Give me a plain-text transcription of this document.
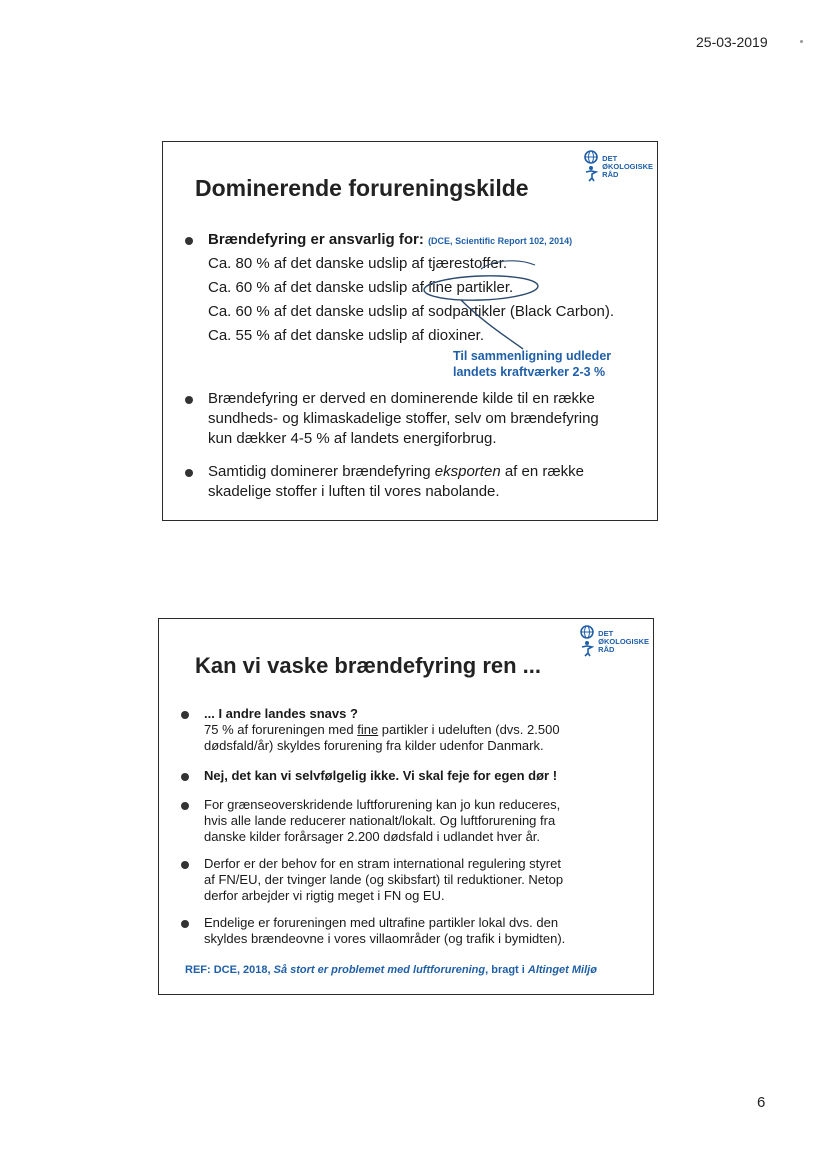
25-03-2019
DET
ØKOLOGISKE
RÅD
Dominerende forureningskilde
Brændefyring er ansvarlig for: (DCE, Scientific Report 102, 2014)
Ca. 80 % af det danske udslip af tjærestoffer.
Ca. 60 % af det danske udslip af fine partikler.
Ca. 60 % af det danske udslip af sodpartikler (Black Carbon).
Ca. 55 % af det danske udslip af dioxiner.
Til sammenligning udleder
landets kraftværker 2-3 %
Brændefyring er derved en dominerende kilde til en række
sundheds- og klimaskadelige stoffer, selv om brændefyring
kun dækker 4-5 % af landets energiforbrug.
Samtidig dominerer brændefyring eksporten af en række
skadelige stoffer i luften til vores nabolande.
DET
ØKOLOGISKE
RÅD
Kan vi vaske brændefyring ren ...
... I andre landes snavs ?
75 % af forureningen med fine partikler i udeluften (dvs. 2.500
dødsfald/år) skyldes forurening fra kilder udenfor Danmark.
Nej, det kan vi selvfølgelig ikke. Vi skal feje for egen dør !
For grænseoverskridende luftforurening kan jo kun reduceres,
hvis alle lande reducerer nationalt/lokalt. Og luftforurening fra
danske kilder forårsager 2.200 dødsfald i udlandet hver år.
Derfor er der behov for en stram international regulering styret
af FN/EU, der tvinger lande (og skibsfart) til reduktioner. Netop
derfor arbejder vi rigtig meget i FN og EU.
Endelige er forureningen med ultrafine partikler lokal dvs. den
skyldes brændeovne i vores villaområder (og trafik i bymidten).
REF: DCE, 2018, Så stort er problemet med luftforurening, bragt i Altinget Miljø
6
